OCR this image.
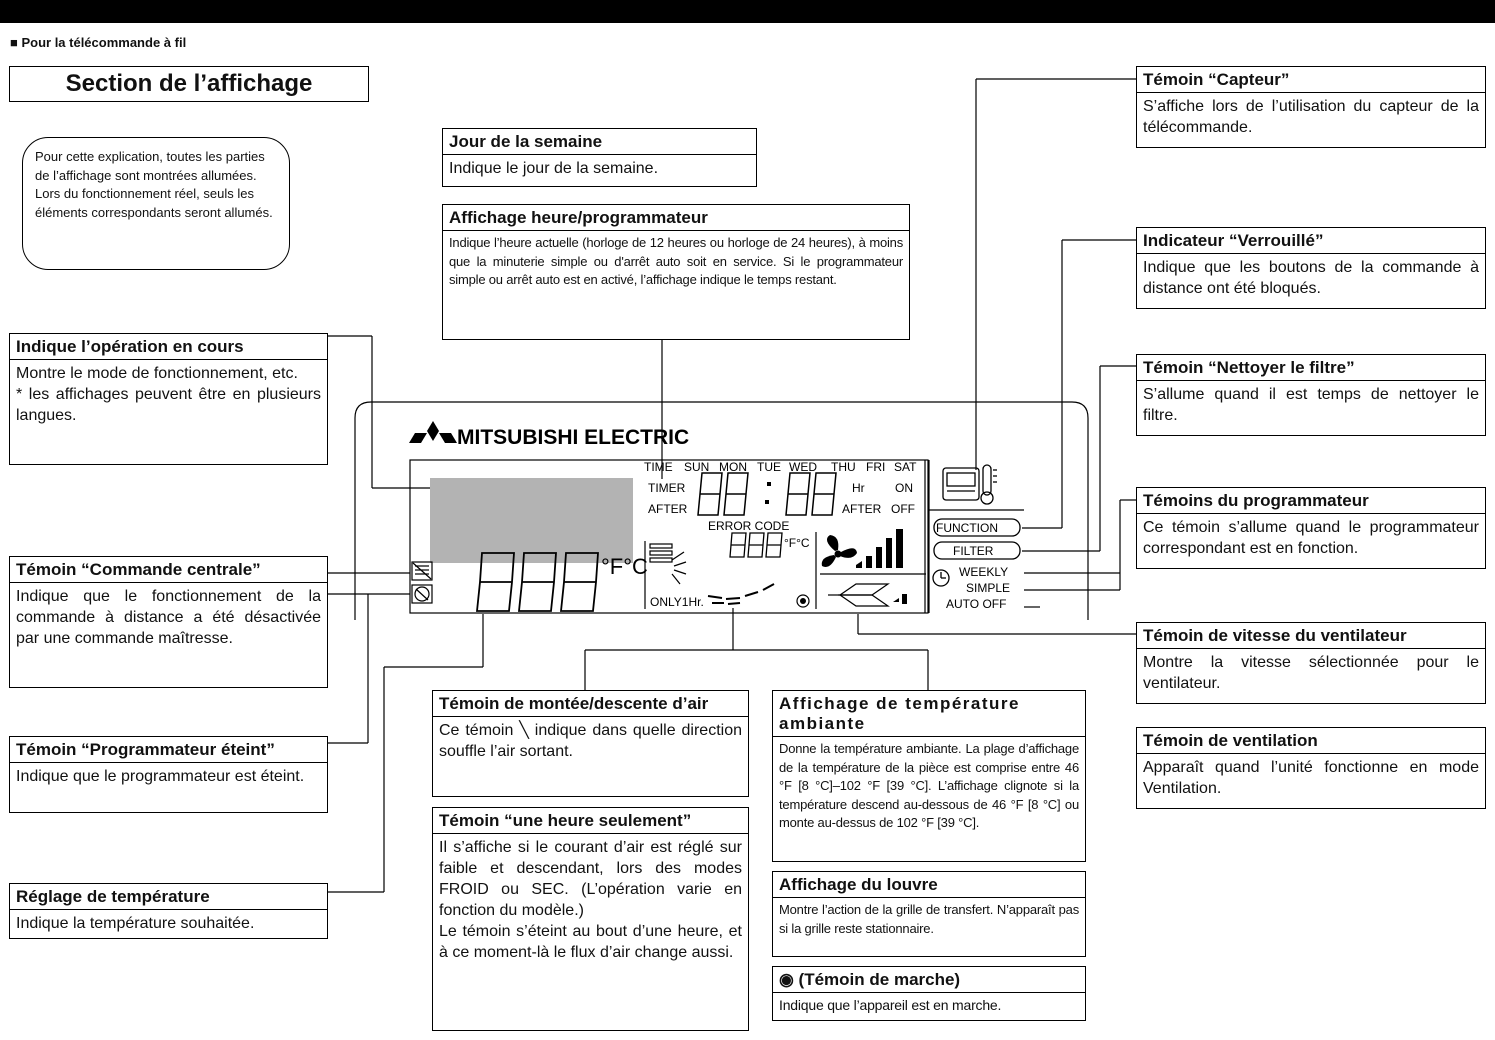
■ Pour la télécommande à fil
Section de l’affichage
Pour cette explication, toutes les parties de l’affichage sont montrées allumées. Lors du fonctionnement réel, seuls les éléments correspondants seront allumés.
MITSUBISHI ELECTRIC
TIME SUN MON TUE WED THU FRI SAT
TIMER
AFTER
Hr	ON
AFTER OFF
ERROR CODE
°F°C
ONLY1Hr.
FUNCTION
FILTER
WEEKLY
SIMPLE
AUTO OFF
°F°C
Indique l’opération en cours
Montre le mode de fonctionnement, etc.
* les affichages peuvent être en plusieurs langues.
Témoin “Commande centrale”
Indique que le fonctionnement de la commande à distance a été désactivée par une commande maîtresse.
Témoin “Programmateur éteint”
Indique que le programmateur est éteint.
Réglage de température
Indique la température souhaitée.
Jour de la semaine
Indique le jour de la semaine.
Affichage heure/programmateur
Indique l’heure actuelle (horloge de 12 heures ou horloge de 24 heures), à moins que la minuterie simple ou d'arrêt auto soit en service. Si le programmateur simple ou arrêt auto est en activé, l’affichage indique le temps restant.
Témoin de montée/descente d’air
Ce témoin ╲ indique dans quelle direction souffle l’air sortant.
Témoin “une heure seulement”
Il s’affiche si le courant d’air est réglé sur faible et descendant, lors des modes FROID ou SEC. (L’opération varie en fonction du modèle.)
Le témoin s’éteint au bout d’une heure, et à ce moment-là le flux d’air change aussi.
Affichage de température ambiante
Donne la température ambiante. La plage d’affichage de la température de la pièce est comprise entre 46 °F [8 °C]–102 °F [39 °C]. L’affichage clignote si la température descend au-dessous de 46 °F [8 °C] ou monte au-dessus de 102 °F [39 °C].
Affichage du louvre
Montre l’action de la grille de transfert. N’apparaît pas si la grille reste stationnaire.
◉ (Témoin de marche)
Indique que l’appareil est en marche.
Témoin “Capteur”
S’affiche lors de l’utilisation du capteur de la télécommande.
Indicateur “Verrouillé”
Indique que les boutons de la commande à distance ont été bloqués.
Témoin “Nettoyer le filtre”
S’allume quand il est temps de nettoyer le filtre.
Témoins du programmateur
Ce témoin s’allume quand le programmateur correspondant est en fonction.
Témoin de vitesse du ventilateur
Montre la vitesse sélectionnée pour le ventilateur.
Témoin de ventilation
Apparaît quand l’unité fonctionne en mode Ventilation.
